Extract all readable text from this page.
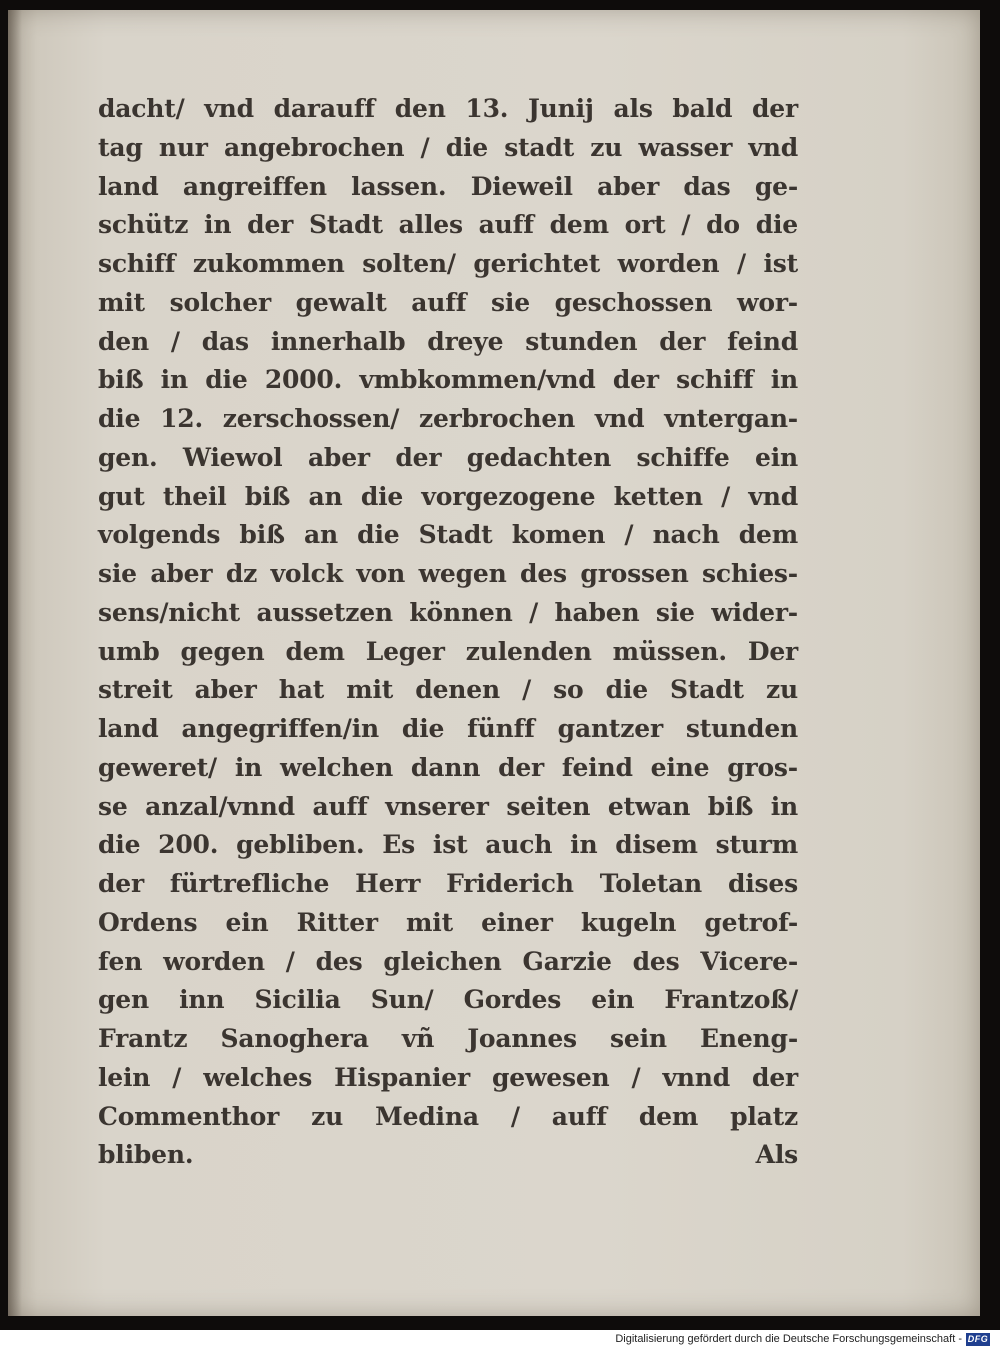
dacht/ vnd darauff den 13. Junij als bald der
tag nur angebrochen / die stadt zu wasser vnd
land angreiffen lassen. Dieweil aber das ge-
schütz in der Stadt alles auff dem ort / do die
schiff zukommen solten/ gerichtet worden / ist
mit solcher gewalt auff sie geschossen wor-
den / das innerhalb dreye stunden der feind
biß in die 2000. vmbkommen/vnd der schiff in
die 12. zerschossen/ zerbrochen vnd vntergan-
gen. Wiewol aber der gedachten schiffe ein
gut theil biß an die vorgezogene ketten / vnd
volgends biß an die Stadt komen / nach dem
sie aber dz volck von wegen des grossen schies-
sens/nicht aussetzen können / haben sie wider-
umb gegen dem Leger zulenden müssen. Der
streit aber hat mit denen / so die Stadt zu
land angegriffen/in die fünff gantzer stunden
geweret/ in welchen dann der feind eine gros-
se anzal/vnnd auff vnserer seiten etwan biß in
die 200. gebliben. Es ist auch in disem sturm
der fürtrefliche Herr Friderich Toletan dises
Ordens ein Ritter mit einer kugeln getrof-
fen worden / des gleichen Garzie des Vicere-
gen inn Sicilia Sun/ Gordes ein Frantzoß/
Frantz Sanoghera vñ Joannes sein Eneng-
lein / welches Hispanier gewesen / vnnd der
Commenthor zu Medina / auff dem platz
bliben.	Als
Digitalisierung gefördert durch die Deutsche Forschungsgemeinschaft - DFG
